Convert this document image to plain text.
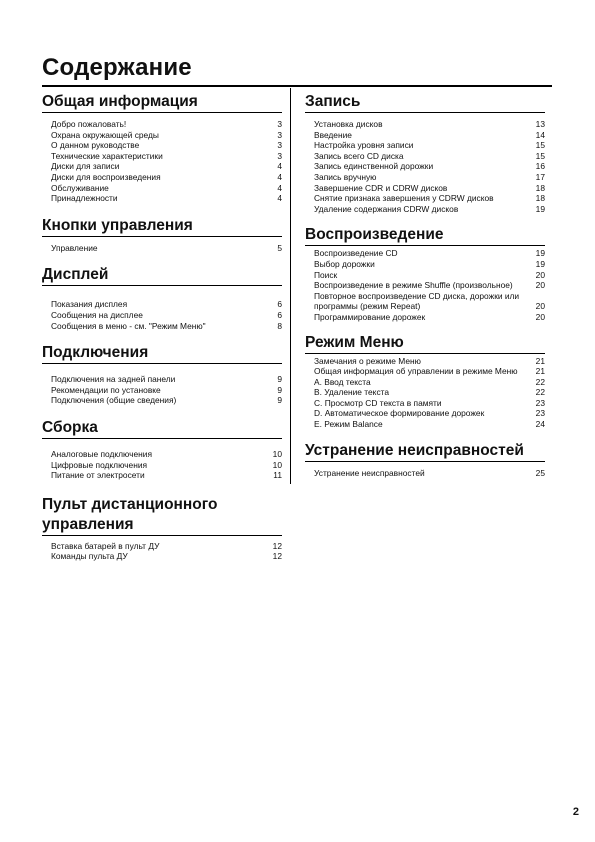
Содержание
Общая информация
Добро пожаловать!	3
Охрана окружающей среды	3
О данном руководстве	3
Технические характеристики	3
Диски для записи	4
Диски для воспроизведения	4
Обслуживание	4
Принадлежности	4
Кнопки управления
Управление	5
Дисплей
Показания дисплея	6
Сообщения на дисплее	6
Сообщения в меню - см. "Режим Меню"	8
Подключения
Подключения на задней панели	9
Рекомендации по установке	9
Подключения (общие сведения)	9
Сборка
Аналоговые подключения	10
Цифровые подключения	10
Питание от электросети	11
Пульт дистанционного управления
Вставка батарей в пульт ДУ	12
Команды пульта ДУ	12
Запись
Установка дисков	13
Введение	14
Настройка уровня записи	15
Запись всего CD диска	15
Запись единственной дорожки	16
Запись вручную	17
Завершение CDR и CDRW дисков	18
Снятие признака завершения у CDRW дисков	18
Удаление содержания CDRW дисков	19
Воспроизведение
Воспроизведение CD	19
Выбор дорожки	19
Поиск	20
Воспроизведение в режиме Shuffle (произвольное)	20
Повторное воспроизведение CD диска, дорожки или программы (режим Repeat)	20
Программирование дорожек	20
Режим Меню
Замечания о режиме Меню	21
Общая информация об управлении в режиме Меню	21
A. Ввод текста	22
B. Удаление текста	22
C. Просмотр CD текста в памяти	23
D. Автоматическое формирование дорожек	23
E. Режим Balance	24
Устранение неисправностей
Устранение неисправностей	25
2
